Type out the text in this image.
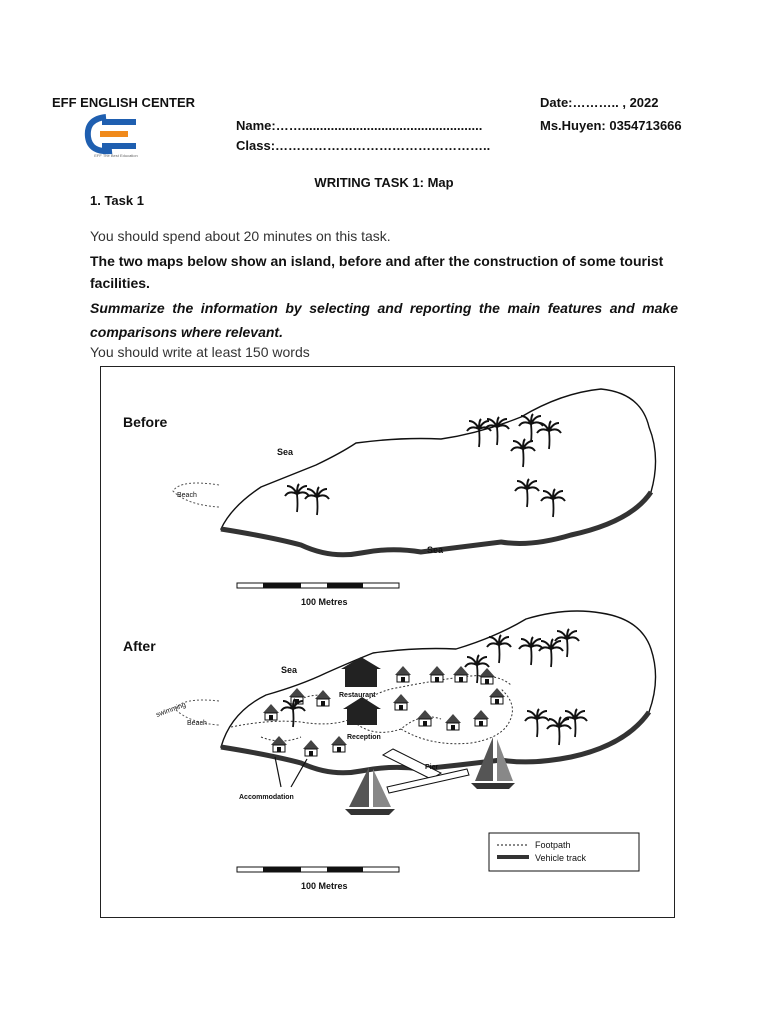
EFF ENGLISH CENTER	Date:……….. , 2022
Ms.Huyen: 0354713666
Name:……..................................................
Class:…………………………………………..
EFF The Best Education
WRITING TASK 1: Map
1. Task 1
You should spend about 20 minutes on this task.
The two maps below show an island, before and after the construction of some tourist facilities.
Summarize the information by selecting and reporting the main features and make comparisons where relevant.
You should write at least 150 words
Before
Sea
Sea
Beach
100 Metres
After
Sea
swimming
Beach
Restaurant
Reception
Pier
Accommodation
Footpath
Vehicle track
100 Metres
